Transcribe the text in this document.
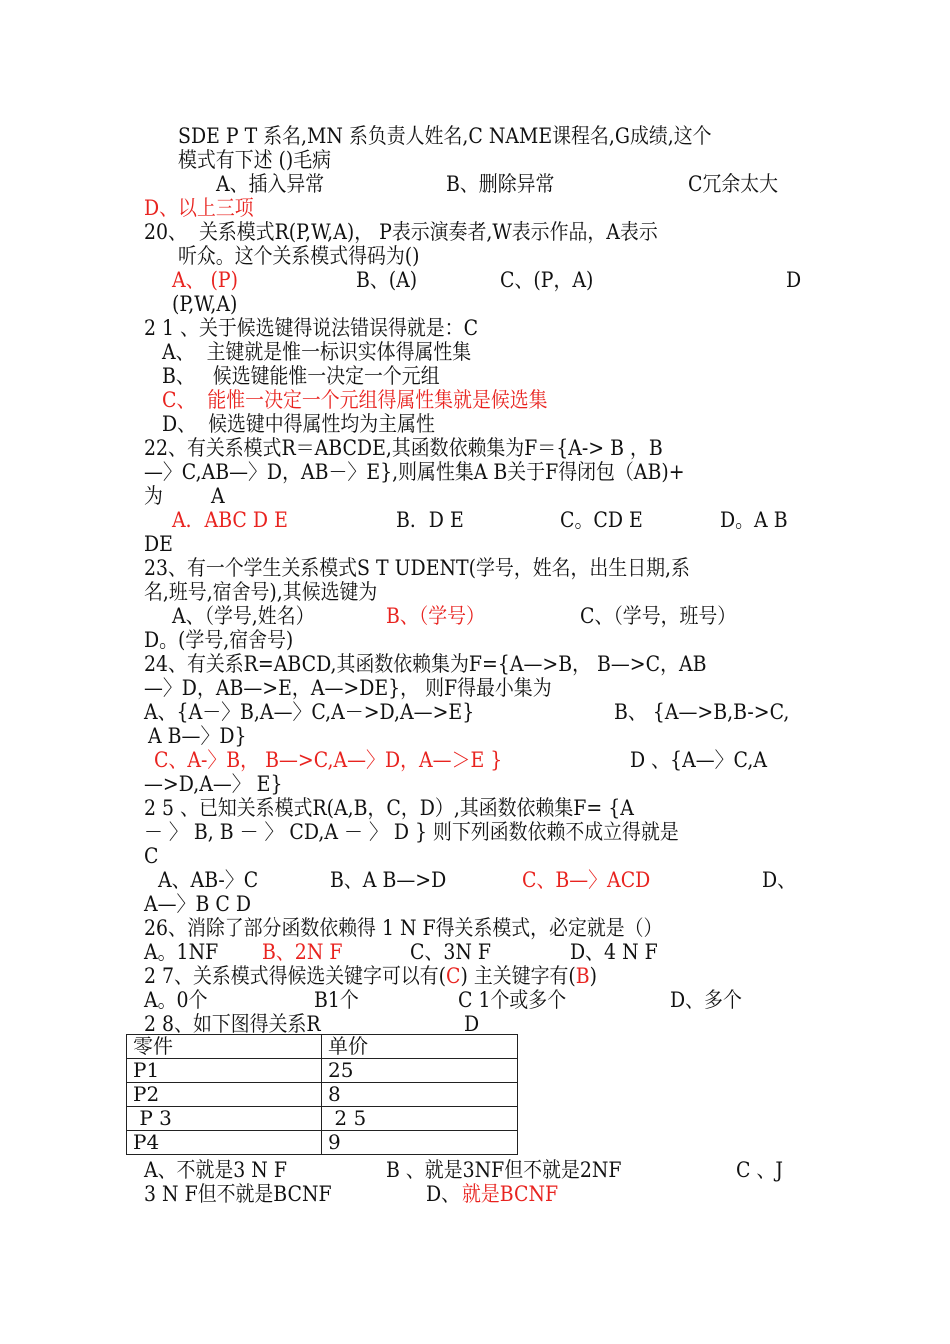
SDE P T 系名,MN 系负责人姓名,C NAME课程名,G成绩,这个
模式有下述 ()毛病
A、插入异常	B、删除异常	C冗余太大
D、以上三项
20、  关系模式R(P,W,A)， P表示演奏者,W表示作品，A表示
听众。这个关系模式得码为()
A、 (P)	B、(A)	C、(P，A)	D
(P,W,A)
2 1 、关于候选键得说法错误得就是：C
A、  主键就是惟一标识实体得属性集
B、   候选键能惟一决定一个元组
C、  能惟一决定一个元组得属性集就是候选集
D、  候选键中得属性均为主属性
22、有关系模式R＝ABCDE,其函数依赖集为F＝{A-> B ，B
—〉C,AB—〉D，AB－〉E},则属性集A B关于F得闭包（AB)+
为        A
A．ABC D E	B．D E	C。CD E	D。A B
DE
23、有一个学生关系模式S T UDENT(学号，姓名，出生日期,系
名,班号,宿舍号),其候选键为
A、（学号,姓名）	B、（学号）	C、（学号，班号）
D。(学号,宿舍号)
24、有关系R=ABCD,其函数依赖集为F={A—>B， B—>C，AB
—〉D，AB—>E，A—>DE}， 则F得最小集为
A、{A－〉B,A—〉C,A－>D,A—>E}	B、 {A—>B,B->C,
A B—〉D}
C、A-〉B， B—>C,A—〉D，A—＞E }	D 、{A—〉C,A
—>D,A—〉 E}
2 5 、已知关系模式R(A,B，C，D）,其函数依赖集F= {A
－ 〉 B, B － 〉 CD,A － 〉 D } 则下列函数依赖不成立得就是
C
A、AB-〉C	B、A B—>D	C、B—〉ACD	D、
A—〉B C D
26、消除了部分函数依赖得 1 N F得关系模式，必定就是（）
A。1NF B、2N F	C、3N F	D、4 N F
2 7、关系模式得候选关键字可以有(C) 主关键字有(B)
A。0个	B1个	C 1个或多个	D、多个
2 8、如下图得关系R	D
零件	单价
P1	25
P2	8
P 3	2 5
P4	9
A、不就是3 N F	B 、就是3NF但不就是2NF	C 、J
3 N F但不就是BCNF	D、 就是BCNF
